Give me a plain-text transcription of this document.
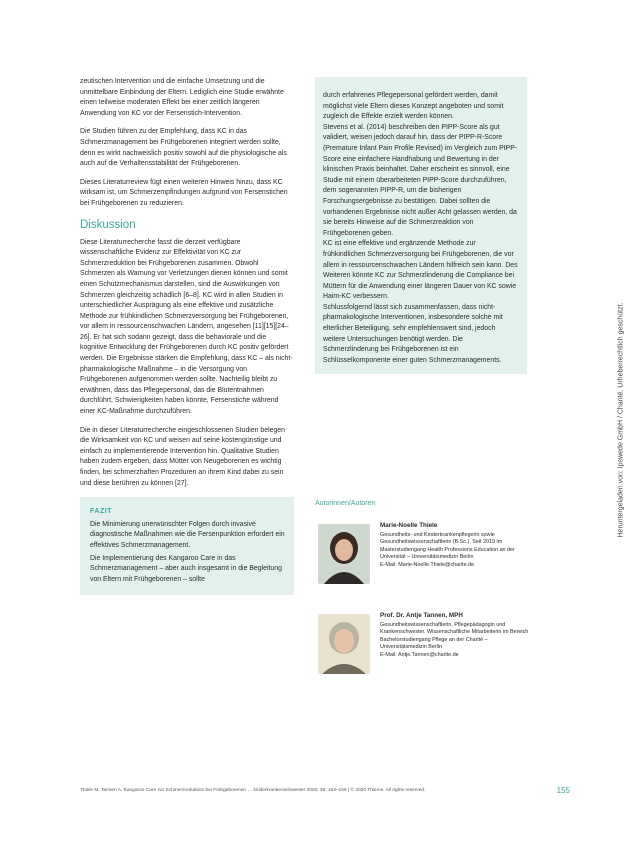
zeutischen Intervention und die einfache Umsetzung und die unmittelbare Einbindung der Eltern. Lediglich eine Studie erwähnte einen teilweise moderaten Effekt bei einer zeitlich längeren Anwendung von KC vor der Fersenstich-Intervention.

Die Studien führen zu der Empfehlung, dass KC in das Schmerzmanagement bei Frühgeborenen integriert werden sollte, denn es wirkt nachweislich positiv sowohl auf die physiologische als auch auf die Verhaltensstabilität der Frühgeborenen.

Dieses Literaturreview fügt einen weiteren Hinweis hinzu, dass KC wirksam ist, um Schmerzempfindungen aufgrund von Fersenstichen bei Frühgeborenen zu reduzieren.

Diskussion

Diese Literaturrecherche fasst die derzeit verfügbare wissenschaftliche Evidenz zur Effektivität von KC zur Schmerzreduktion bei Frühgeborenen zusammen. Obwohl Schmerzen als Warnung vor Verletzungen dienen können und somit einen Schutzmechanismus darstellen, sind die Auswirkungen von Schmerzen gleichzeitig schädlich [6–8]. KC wird in allen Studien in unterschiedlicher Ausprägung als eine effektive und zusätzliche Methode zur frühkindlichen Schmerzversorgung bei Frühgeborenen, vor allem in ressourcenschwachen Ländern, angesehen [11][15][24–26]. Er hat sich sodann gezeigt, dass die behaviorale und die kognitive Entwicklung der Frühgeborenen durch KC positiv gefördert werden. Die Ergebnisse stärken die Empfehlung, dass KC – als nicht-pharmakologische Maßnahme – in die Versorgung von Frühgeborenen aufgenommen werden sollte. Nachteilig bleibt zu erwähnen, dass das Pflegepersonal, das die Blutentnahmen durchführt, Schwierigkeiten haben könnte, Fersenstiche während einer KC-Maßnahme durchzuführen.

Die in dieser Literaturrecherche eingeschlossenen Studien belegen die Wirksamkeit von KC und weisen auf seine kostengünstige und einfach zu implementierende Intervention hin. Qualitative Studien haben zudem ergeben, dass Mütter von Neugeborenen es wichtig finden, bei schmerzhaften Prozeduren an ihrem Kind dabei zu sein und diese berühren zu können [27].

FAZIT

Die Minimierung unerwünschter Folgen durch invasive diagnostische Maßnahmen wie die Fersenpunktion erfordert ein effektives Schmerzmanagement.

Die Implementierung des Kangaroo Care in das Schmerzmanagement – aber auch insgesamt in die Begleitung von Eltern mit Frühgeborenen – sollte

durch erfahrenes Pflegepersonal gefördert werden, damit möglichst viele Eltern dieses Konzept angeboten und somit zugleich die Effekte erzielt werden können.

Stevens et al. (2014) beschreiben den PIPP-Score als gut validiert, weisen jedoch darauf hin, dass der PIPP-R-Score (Premature Infant Pain Profile Revised) im Vergleich zum PIPP-Score eine einfachere Handhabung und Bewertung in der klinischen Praxis beinhaltet. Daher erscheint es sinnvoll, eine Studie mit einem überarbeiteten PIPP-Score durchzuführen, dem sogenannten PIPP-R, um die bisherigen Forschungsergebnisse zu bestätigen. Dabei sollten die vorhandenen Ergebnisse nicht außer Acht gelassen werden, da sie bereits Hinweise auf die Schmerzreaktion von Frühgeborenen geben.

KC ist eine effektive und ergänzende Methode zur frühkindlichen Schmerzversorgung bei Frühgeborenen, die vor allem in ressourcenschwachen Ländern hilfreich sein kann. Des Weiteren könnte KC zur Schmerzlinderung die Compliance bei Müttern für die Anwendung einer längeren Dauer von KC sowie Haim-KC verbessern.

Schlussfolgernd lässt sich zusammenfassen, dass nicht-pharmakologische Interventionen, insbesondere solche mit elterlicher Beteiligung, sehr empfehlenswert sind, jedoch weitere Untersuchungen benötigt werden. Die Schmerzlinderung bei Frühgeborenen ist ein Schlüsselkomponente einer guten Schmerzmanagements.

Autorinnen/Autoren
Marie-Noelle Thiele
Gesundheits- und Kinderkrankenpflegerin sowie Gesundheitswissenschaftlerin (B.Sc.). Seit 2019 im Masterstudiengang Health Professions Education an der Universität – Universitätsmedizin Berlin
E-Mail: Marie-Noelle.Thiele@charite.de
Prof. Dr. Antje Tannen, MPH
Gesundheitswissenschaftlerin, Pflegepädagogin und Krankenschwester. Wissenschaftliche Mitarbeiterin im Bereich Bachelorstudiengang Pflege an der Charité – Universitätsmedizin Berlin
E-Mail: Antje.Tannen@charite.de
Thiele M, Tannen A. Kangaroo Care zur Schmerzreduktion bei Frühgeborenen … kinderkrankenschwester 2020; 39: 153–155 | © 2020 Thieme. All rights reserved.	155
Heruntergeladen von: Ipswede GmbH / Charité. Urheberrechtlich geschützt.
